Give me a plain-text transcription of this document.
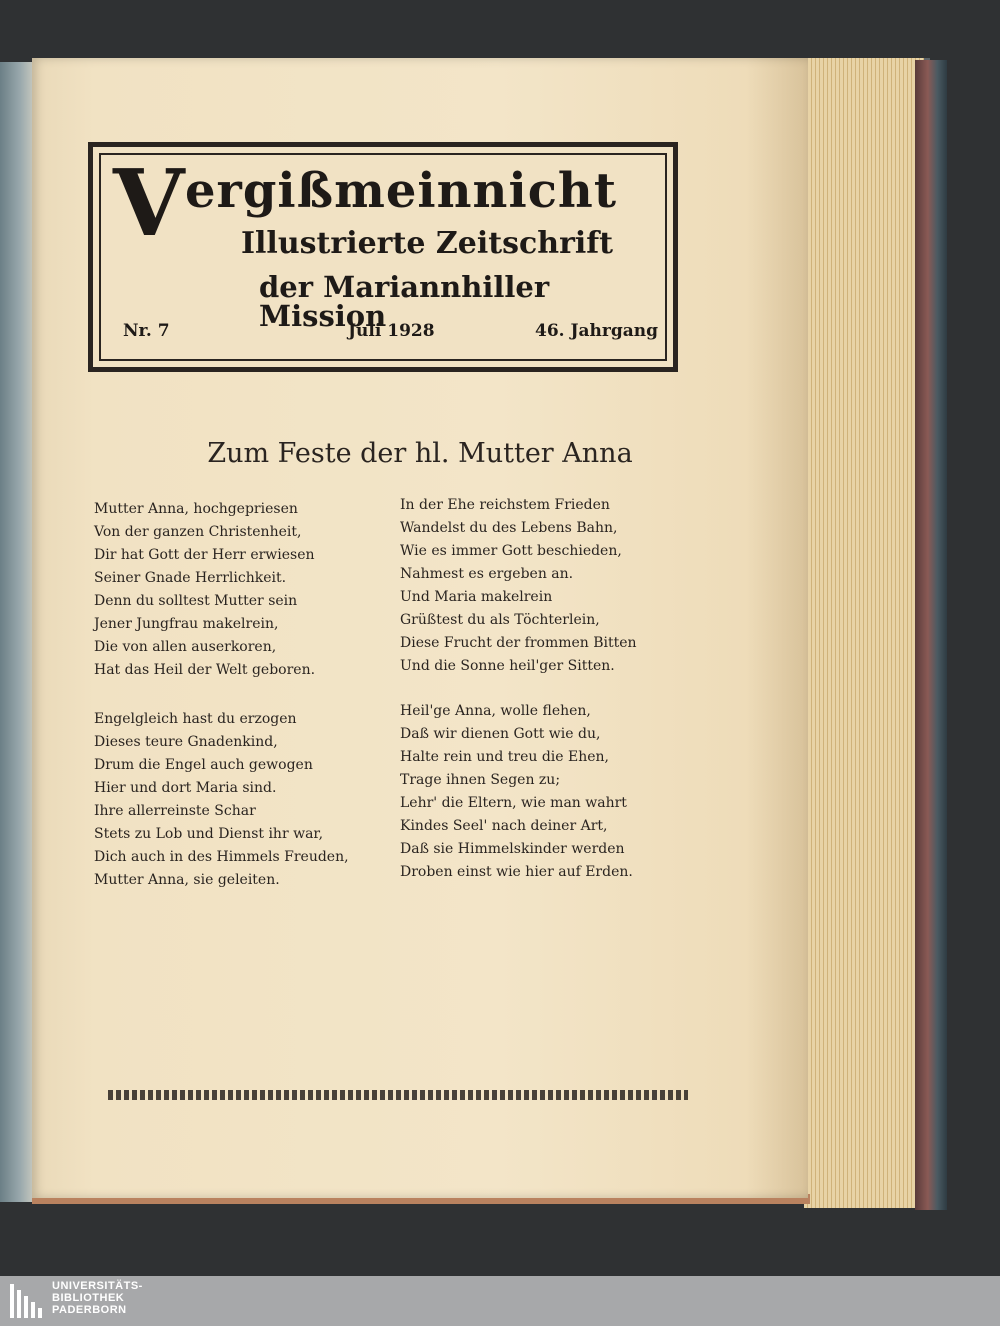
V ergißmeinnicht
Illustrierte Zeitschrift
der Mariannhiller Mission
Nr. 7	Juli 1928	46. Jahrgang
Zum Feste der hl. Mutter Anna

Mutter Anna, hochgepriesen

Von der ganzen Christenheit,

Dir hat Gott der Herr erwiesen

Seiner Gnade Herrlichkeit.

Denn du solltest Mutter sein

Jener Jungfrau makelrein,

Die von allen auserkoren,

Hat das Heil der Welt geboren.

Engelgleich hast du erzogen

Dieses teure Gnadenkind,

Drum die Engel auch gewogen

Hier und dort Maria sind.

Ihre allerreinste Schar

Stets zu Lob und Dienst ihr war,

Dich auch in des Himmels Freuden,

Mutter Anna, sie geleiten.

In der Ehe reichstem Frieden

Wandelst du des Lebens Bahn,

Wie es immer Gott beschieden,

Nahmest es ergeben an.

Und Maria makelrein

Grüßtest du als Töchterlein,

Diese Frucht der frommen Bitten

Und die Sonne heil'ger Sitten.

Heil'ge Anna, wolle flehen,

Daß wir dienen Gott wie du,

Halte rein und treu die Ehen,

Trage ihnen Segen zu;

Lehr' die Eltern, wie man wahrt

Kindes Seel' nach deiner Art,

Daß sie Himmelskinder werden

Droben einst wie hier auf Erden.

UNIVERSITÄTS-
BIBLIOTHEK
PADERBORN
